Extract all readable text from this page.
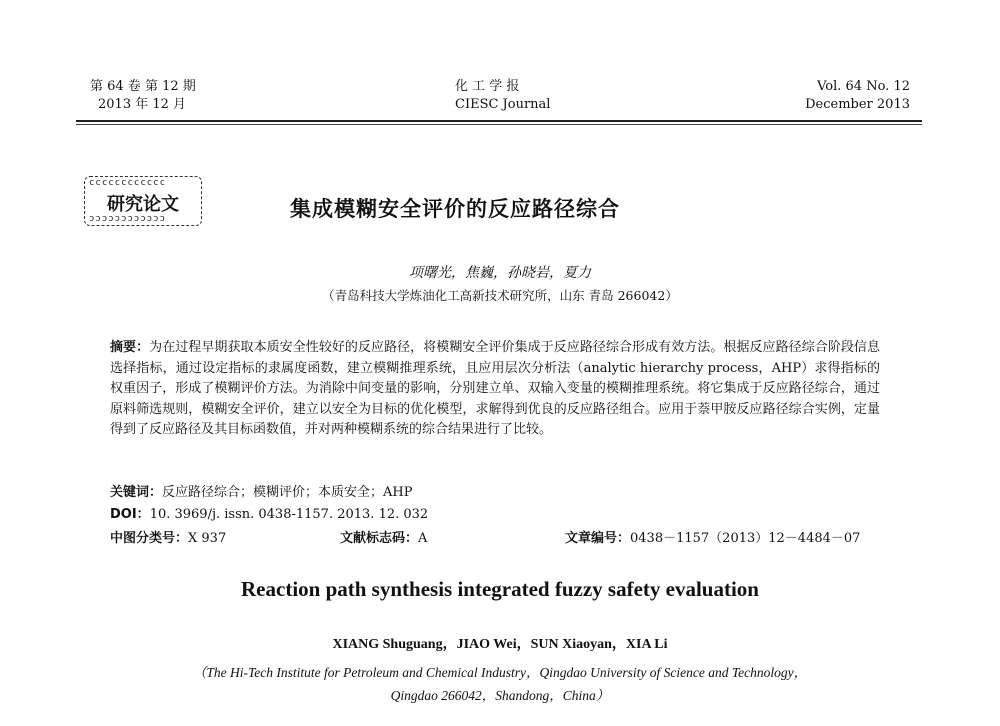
第 64 卷 第 12 期
2013 年 12 月
化 工 学 报
CIESC Journal
Vol. 64 No. 12
December 2013
cccccccccccc
研究论文
ɔɔɔɔɔɔɔɔɔɔɔɔ	集成模糊安全评价的反应路径综合
项曙光，焦巍，孙晓岩，夏力
（青岛科技大学炼油化工高新技术研究所，山东 青岛 266042）
摘要：为在过程早期获取本质安全性较好的反应路径，将模糊安全评价集成于反应路径综合形成有效方法。根据反应路径综合阶段信息选择指标，通过设定指标的隶属度函数，建立模糊推理系统，且应用层次分析法（analytic hierarchy process，AHP）求得指标的权重因子，形成了模糊评价方法。为消除中间变量的影响，分别建立单、双输入变量的模糊推理系统。将它集成于反应路径综合，通过原料筛选规则，模糊安全评价，建立以安全为目标的优化模型，求解得到优良的反应路径组合。应用于萘甲胺反应路径综合实例，定量得到了反应路径及其目标函数值，并对两种模糊系统的综合结果进行了比较。
关键词：反应路径综合；模糊评价；本质安全；AHP
DOI：10. 3969/j. issn. 0438-1157. 2013. 12. 032
中图分类号：X 937	文献标志码：A	文章编号：0438－1157（2013）12－4484－07
Reaction path synthesis integrated fuzzy safety evaluation
XIANG Shuguang，JIAO Wei，SUN Xiaoyan，XIA Li
（The Hi-Tech Institute for Petroleum and Chemical Industry，Qingdao University of Science and Technology，
Qingdao 266042，Shandong，China）
